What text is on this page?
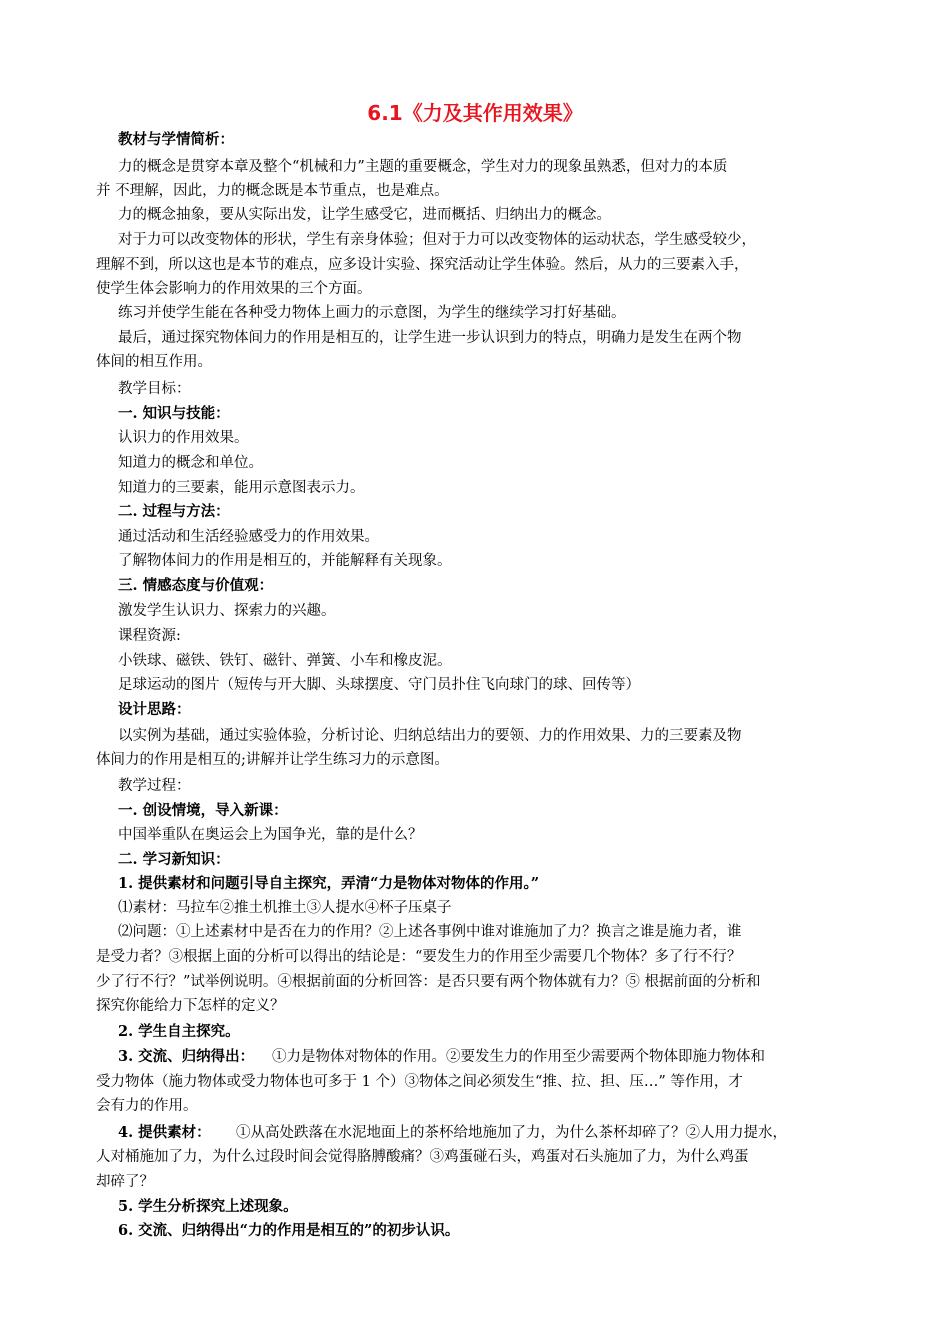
6.1《力及其作用效果》
3. 交流、归纳得出：
4. 提供素材：
教材与学情简析：
力的概念是贯穿本章及整个“机械和力”主题的重要概念，学生对力的现象虽熟悉，但对力的本质
并 不理解，因此，力的概念既是本节重点，也是难点。
力的概念抽象，要从实际出发，让学生感受它，进而概括、归纳出力的概念。
对于力可以改变物体的形状，学生有亲身体验；但对于力可以改变物体的运动状态，学生感受较少，
理解不到，所以这也是本节的难点，应多设计实验、探究活动让学生体验。然后，从力的三要素入手，
使学生体会影响力的作用效果的三个方面。
练习并使学生能在各种受力物体上画力的示意图，为学生的继续学习打好基础。
最后，通过探究物体间力的作用是相互的，让学生进一步认识到力的特点，明确力是发生在两个物
体间的相互作用。
教学目标：
一. 知识与技能：
认识力的作用效果。
知道力的概念和单位。
知道力的三要素，能用示意图表示力。
二. 过程与方法：
通过活动和生活经验感受力的作用效果。
了解物体间力的作用是相互的，并能解释有关现象。
三. 情感态度与价值观：
激发学生认识力、探索力的兴趣。
课程资源:
小铁球、磁铁、铁钉、磁针、弹簧、小车和橡皮泥。
足球运动的图片（短传与开大脚、头球摆度、守门员扑住飞向球门的球、回传等）
设计思路：
以实例为基础，通过实验体验，分析讨论、归纳总结出力的要领、力的作用效果、力的三要素及物
体间力的作用是相互的;讲解并让学生练习力的示意图。
教学过程：
一. 创设情境，导入新课：
中国举重队在奥运会上为国争光，靠的是什么？
二. 学习新知识：
1. 提供素材和问题引导自主探究，弄清“力是物体对物体的作用。”
⑴素材：马拉车②推土机推土③人提水④杯子压桌子
⑵问题：①上述素材中是否在力的作用？②上述各事例中谁对谁施加了力？换言之谁是施力者，谁
是受力者？③根据上面的分析可以得出的结论是：“要发生力的作用至少需要几个物体？多了行不行？
少了行不行？”试举例说明。④根据前面的分析回答：是否只要有两个物体就有力？⑤ 根据前面的分析和
探究你能给力下怎样的定义？
2. 学生自主探究。
①力是物体对物体的作用。②要发生力的作用至少需要两个物体即施力物体和
受力物体（施力物体或受力物体也可多于 1 个）③物体之间必须发生“推、拉、担、压…” 等作用，才
会有力的作用。
①从高处跌落在水泥地面上的茶杯给地施加了力，为什么茶杯却碎了？②人用力提水，
人对桶施加了力，为什么过段时间会觉得胳膊酸痛？③鸡蛋碰石头，鸡蛋对石头施加了力，为什么鸡蛋
却碎了？
5. 学生分析探究上述现象。
6. 交流、归纳得出“力的作用是相互的”的初步认识。
